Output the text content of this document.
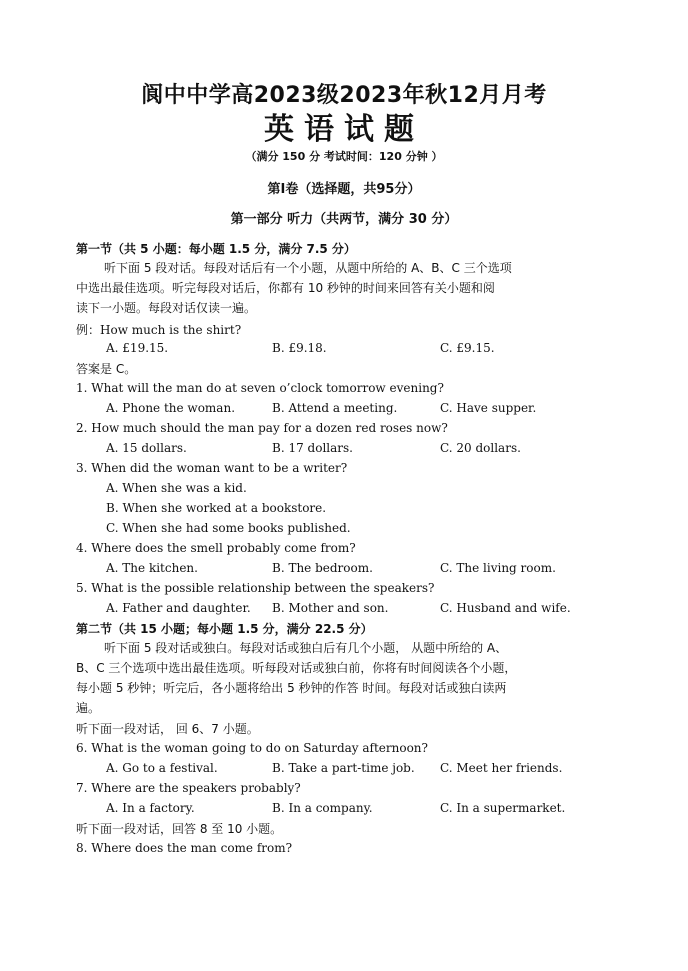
阆中中学高2023级2023年秋12月月考
英语试题
（满分 150 分 考试时间：120 分钟 ）
第Ⅰ卷（选择题，共95分）
第一部分 听力（共两节，满分 30 分）
第一节（共 5 小题：每小题 1.5 分，满分 7.5 分）
听下面 5 段对话。每段对话后有一个小题，从题中所给的 A、B、C 三个选项
中选出最佳选项。听完每段对话后，你都有 10 秒钟的时间来回答有关小题和阅
读下一小题。每段对话仅读一遍。
例：How much is the shirt?
A. £19.15.	B. £9.18.	C. £9.15.
答案是 C。
1. What will the man do at seven o’clock tomorrow evening?
A. Phone the woman.	B. Attend a meeting.	C. Have supper.
2. How much should the man pay for a dozen red roses now?
A. 15 dollars.	B. 17 dollars.	C. 20 dollars.
3. When did the woman want to be a writer?
A. When she was a kid.
B. When she worked at a bookstore.
C. When she had some books published.
4. Where does the smell probably come from?
A. The kitchen.	B. The bedroom.	C. The living room.
5. What is the possible relationship between the speakers?
A. Father and daughter. B. Mother and son.	C. Husband and wife.
第二节（共 15 小题；每小题 1.5 分，满分 22.5 分）
听下面 5 段对话或独白。每段对话或独白后有几个小题， 从题中所给的 A、
B、C 三个选项中选出最佳选项。听每段对话或独白前，你将有时间阅读各个小题，
每小题 5 秒钟；听完后，各小题将给出 5 秒钟的作答 时间。每段对话或独白读两
遍。
听下面一段对话， 回 6、7 小题。
6. What is the woman going to do on Saturday afternoon?
A. Go to a festival.	B. Take a part-time job. C. Meet her friends.
7. Where are the speakers probably?
A. In a factory.	B. In a company.	C. In a supermarket.
听下面一段对话，回答 8 至 10 小题。
8. Where does the man come from?
